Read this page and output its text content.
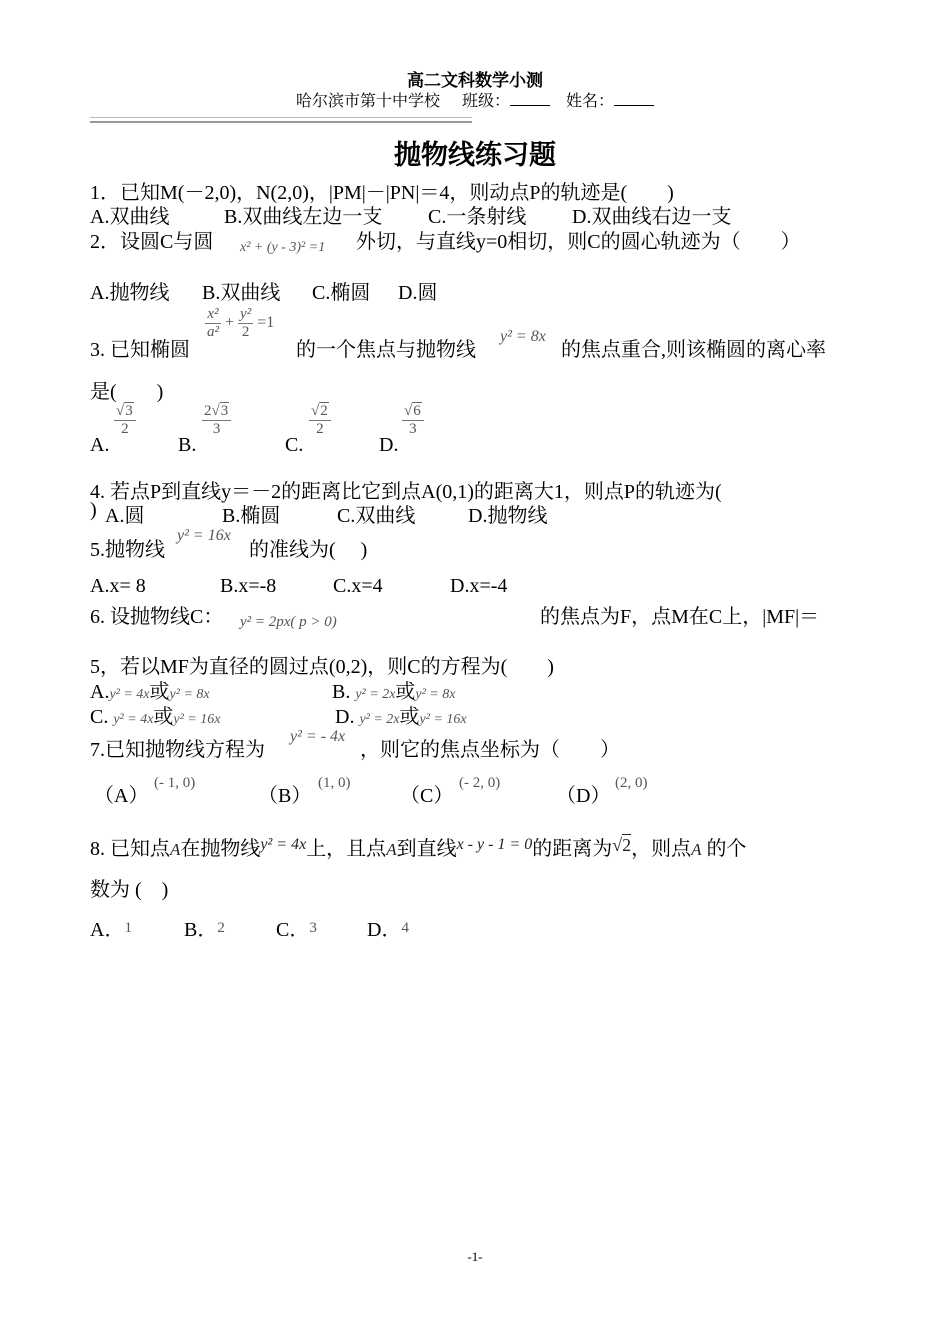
高二文科数学小测
哈尔滨市第十中学校 班级：	姓名：
抛物线练习题
1．已知M(－2,0)，N(2,0)，|PM|－|PN|＝4，则动点P的轨迹是(　　)
A.双曲线	B.双曲线左边一支 C.一条射线 D.双曲线右边一支
2．设圆C与圆 x² + (y - 3)² =1 外切，与直线y=0相切，则C的圆心轨迹为（　　）
A.抛物线 B.双曲线 C.椭圆 D.圆
3. 已知椭圆
$\frac{\text{x²}}{\text{a²}} + \frac{\text{y²}}{2} =1$
的一个焦点与抛物线
y² = 8x
的焦点重合,则该椭圆的离心率
是(　　)
A.
$\frac{√3}{2}$
B.
$\frac{2√3}{3}$
C.
$\frac{√2}{2}$
D.
$\frac{√6}{3}$
4. 若点P到直线y＝－2的距离比它到点A(0,1)的距离大1，则点P的轨迹为(
) A.圆	B.椭圆	C.双曲线	D.抛物线
5.抛物线
y² = 16x
的准线为(　 )
A.x= 8	B.x=-8	C.x=4	D.x=-4
6. 设抛物线C： y² = 2px( p > 0)	的焦点为F，点M在C上，|MF|＝
5，若以MF为直径的圆过点(0,2)，则C的方程为(　　)
A.y² = 4x或y² = 8x	B. y² = 2x或y² = 8x
C. y² = 4x或y² = 16x	D. y² = 2x或y² = 16x
7.已知抛物线方程为
y² = - 4x
，则它的焦点坐标为（　　）
（A）
(- 1, 0)
（B）
(1, 0)
（C）
(- 2, 0)
（D）
(2, 0)
8. 已知点A在抛物线$^{y^2 = 4x}$上，且点A到直线$^{x - y - 1 = 0}$的距离为√2，则点A 的个
数为 (　)
A．$^1$	B．$^2$	C．$^3$	D．$^4$
-1-
